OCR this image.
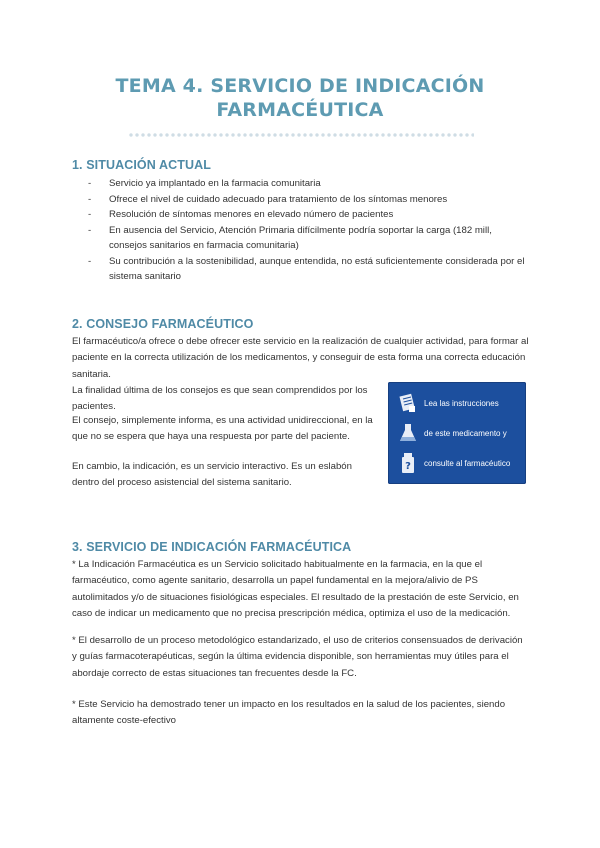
TEMA 4. SERVICIO DE INDICACIÓN
FARMACÉUTICA
1. SITUACIÓN ACTUAL
- Servicio ya implantado en la farmacia comunitaria
- Ofrece el nivel de cuidado adecuado para tratamiento de los síntomas menores
- Resolución de síntomas menores en elevado número de pacientes
- En ausencia del Servicio, Atención Primaria difícilmente podría soportar la carga (182 mill, consejos sanitarios en farmacia comunitaria)
- Su contribución a la sostenibilidad, aunque entendida, no está suficientemente considerada por el sistema sanitario
2. CONSEJO FARMACÉUTICO

El farmacéutico/a ofrece o debe ofrecer este servicio en la realización de cualquier actividad, para formar al paciente en la correcta utilización de los medicamentos, y conseguir de esta forma una correcta educación sanitaria.

La finalidad última de los consejos es que sean comprendidos por los pacientes.

El consejo, simplemente informa, es una actividad unidireccional, en la que no se espera que haya una respuesta por parte del paciente.

En cambio, la indicación, es un servicio interactivo. Es un eslabón dentro del proceso asistencial del sistema sanitario.

Lea las instrucciones
de este medicamento y
? consulte al farmacéutico
3. SERVICIO DE INDICACIÓN FARMACÉUTICA

* La Indicación Farmacéutica es un Servicio solicitado habitualmente en la farmacia, en la que el farmacéutico, como agente sanitario, desarrolla un papel fundamental en la mejora/alivio de PS autolimitados y/o de situaciones fisiológicas especiales. El resultado de la prestación de este Servicio, en caso de indicar un medicamento que no precisa prescripción médica, optimiza el uso de la medicación.

* El desarrollo de un proceso metodológico estandarizado, el uso de criterios consensuados de derivación y guías farmacoterapéuticas, según la última evidencia disponible, son herramientas muy útiles para el abordaje correcto de estas situaciones tan frecuentes desde la FC.

* Este Servicio ha demostrado tener un impacto en los resultados en la salud de los pacientes, siendo altamente coste-efectivo
